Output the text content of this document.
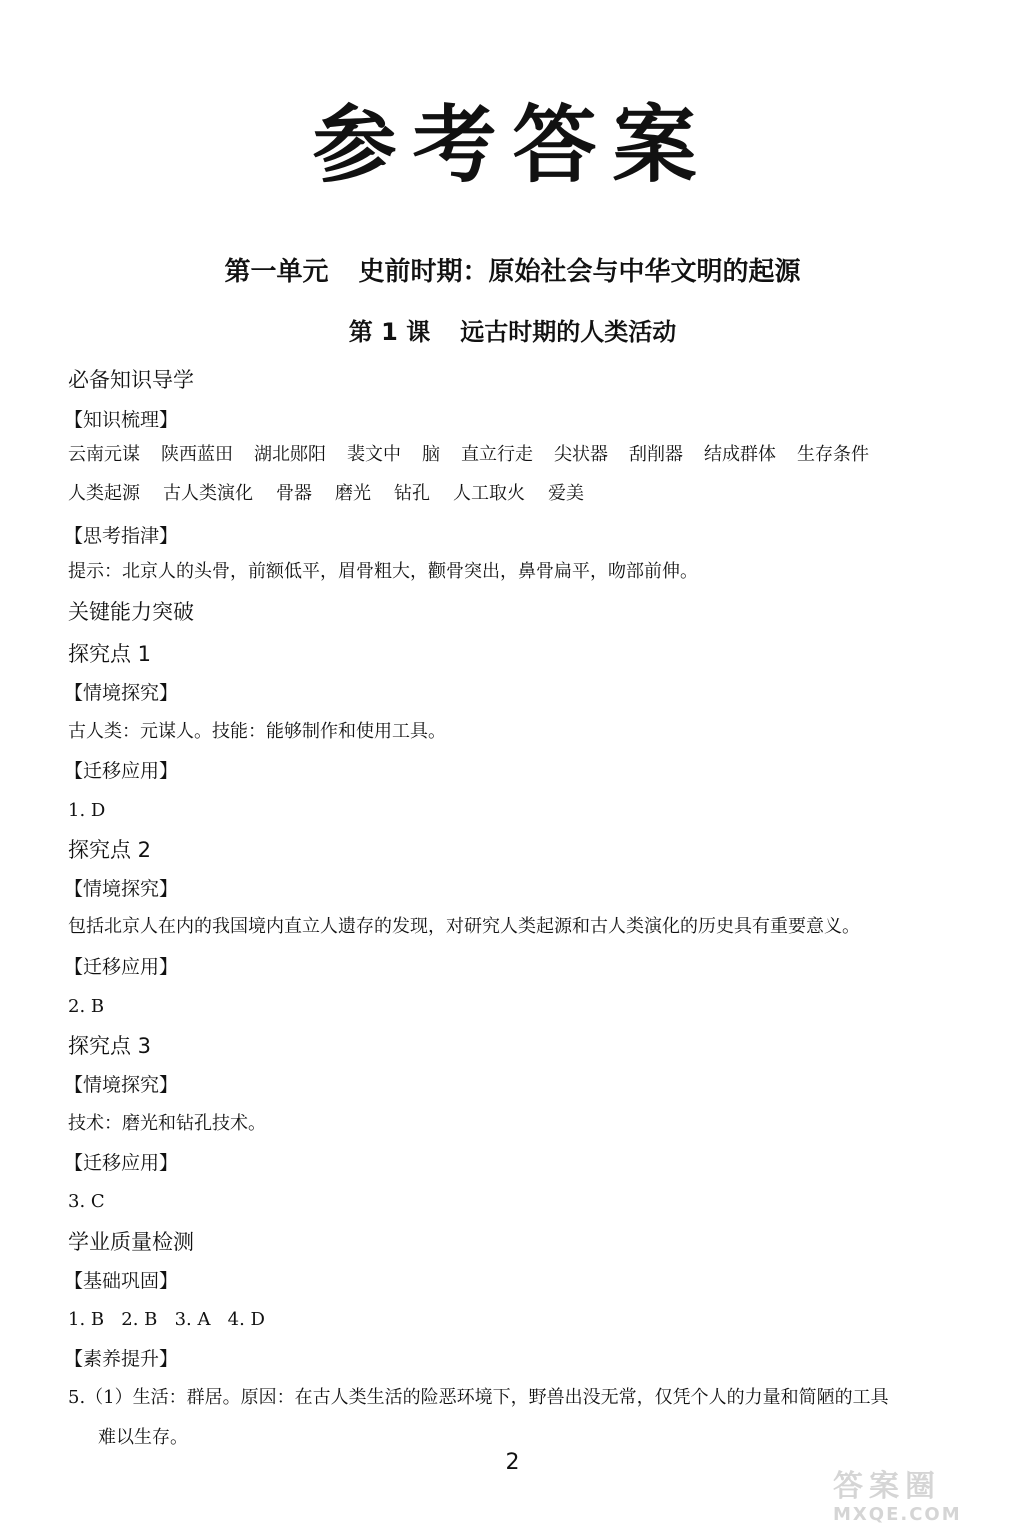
参考答案
第一单元 史前时期：原始社会与中华文明的起源
第 1 课 远古时期的人类活动
必备知识导学
【知识梳理】
云南元谋 陕西蓝田 湖北郧阳 裴文中 脑 直立行走 尖状器 刮削器 结成群体 生存条件
人类起源 古人类演化 骨器 磨光 钻孔 人工取火 爱美
【思考指津】
提示：北京人的头骨，前额低平，眉骨粗大，颧骨突出，鼻骨扁平，吻部前伸。
关键能力突破
探究点 1
【情境探究】
古人类：元谋人。技能：能够制作和使用工具。
【迁移应用】
1. D
探究点 2
【情境探究】
包括北京人在内的我国境内直立人遗存的发现，对研究人类起源和古人类演化的历史具有重要意义。
【迁移应用】
2. B
探究点 3
【情境探究】
技术：磨光和钻孔技术。
【迁移应用】
3. C
学业质量检测
【基础巩固】
1. B   2. B   3. A   4. D
【素养提升】
5.（1）生活：群居。原因：在古人类生活的险恶环境下，野兽出没无常，仅凭个人的力量和简陋的工具
难以生存。
2
答案圈
MXQE.COM
